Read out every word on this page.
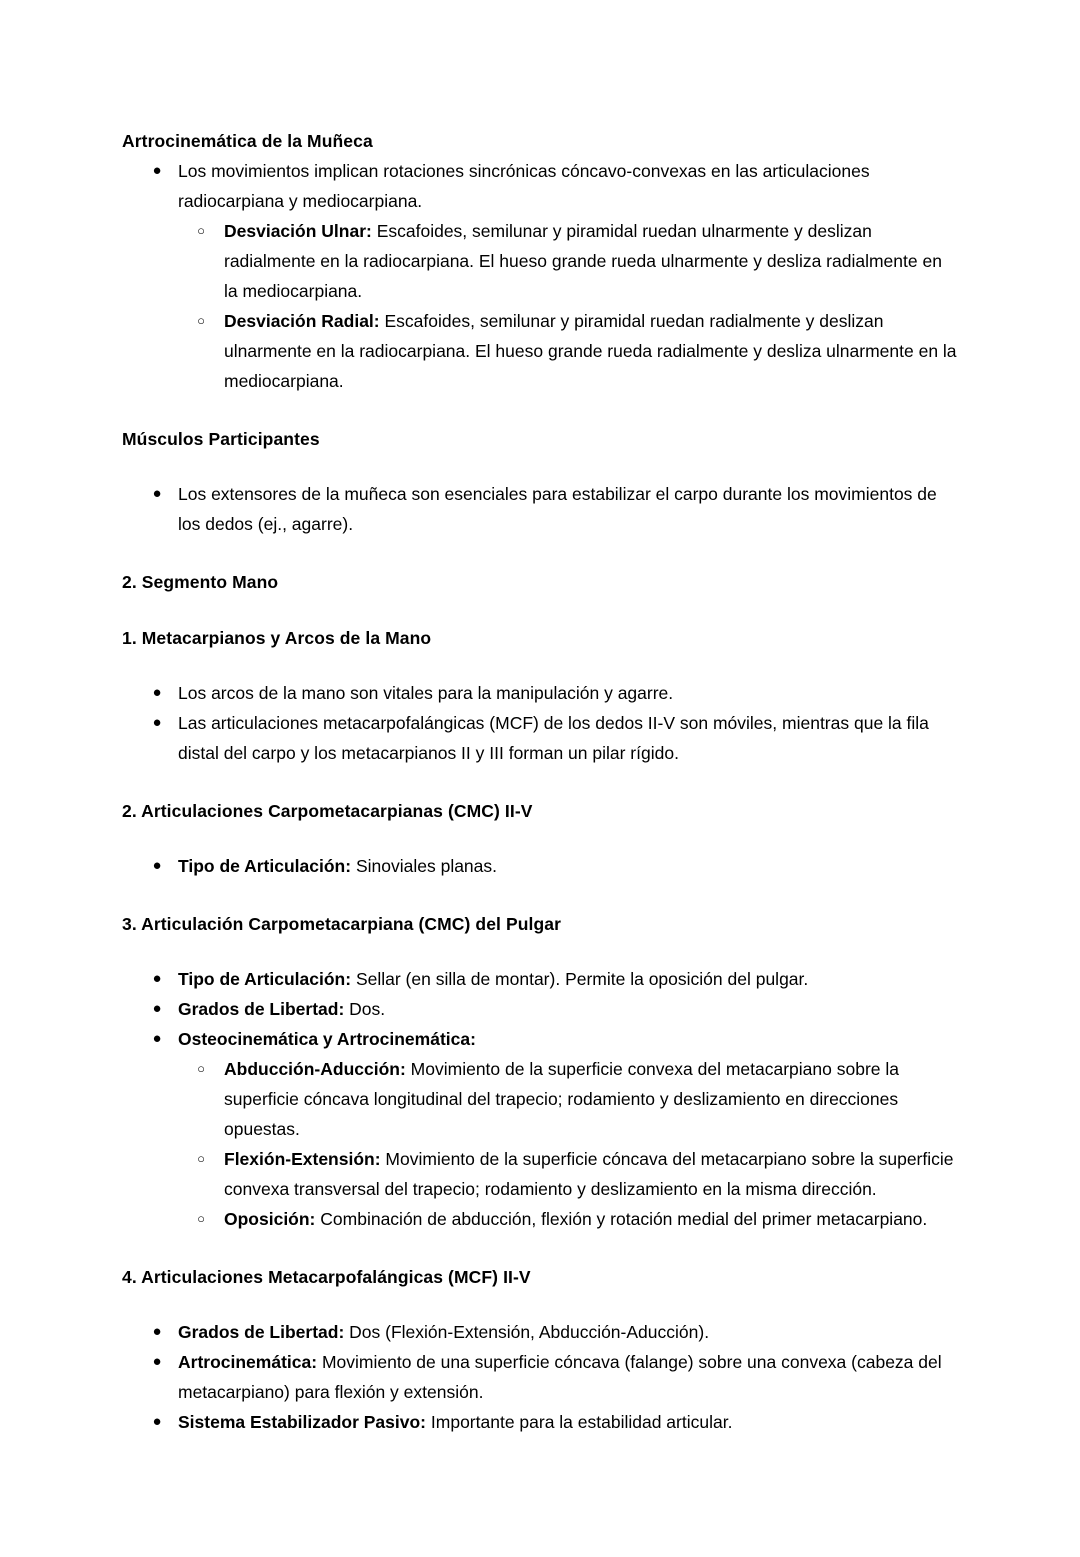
Artrocinemática de la Muñeca
● Los movimientos implican rotaciones sincrónicas cóncavo-convexas en las articulaciones radiocarpiana y mediocarpiana.
○ Desviación Ulnar: Escafoides, semilunar y piramidal ruedan ulnarmente y deslizan radialmente en la radiocarpiana. El hueso grande rueda ulnarmente y desliza radialmente en la mediocarpiana.
○ Desviación Radial: Escafoides, semilunar y piramidal ruedan radialmente y deslizan ulnarmente en la radiocarpiana. El hueso grande rueda radialmente y desliza ulnarmente en la mediocarpiana.
Músculos Participantes
● Los extensores de la muñeca son esenciales para estabilizar el carpo durante los movimientos de los dedos (ej., agarre).
2. Segmento Mano
1. Metacarpianos y Arcos de la Mano
● Los arcos de la mano son vitales para la manipulación y agarre.
● Las articulaciones metacarpofalángicas (MCF) de los dedos II-V son móviles, mientras que la fila distal del carpo y los metacarpianos II y III forman un pilar rígido.
2. Articulaciones Carpometacarpianas (CMC) II-V
● Tipo de Articulación: Sinoviales planas.
3. Articulación Carpometacarpiana (CMC) del Pulgar
● Tipo de Articulación: Sellar (en silla de montar). Permite la oposición del pulgar.
● Grados de Libertad: Dos.
● Osteocinemática y Artrocinemática:
○ Abducción-Aducción: Movimiento de la superficie convexa del metacarpiano sobre la superficie cóncava longitudinal del trapecio; rodamiento y deslizamiento en direcciones opuestas.
○ Flexión-Extensión: Movimiento de la superficie cóncava del metacarpiano sobre la superficie convexa transversal del trapecio; rodamiento y deslizamiento en la misma dirección.
○ Oposición: Combinación de abducción, flexión y rotación medial del primer metacarpiano.
4. Articulaciones Metacarpofalángicas (MCF) II-V
● Grados de Libertad: Dos (Flexión-Extensión, Abducción-Aducción).
● Artrocinemática: Movimiento de una superficie cóncava (falange) sobre una convexa (cabeza del metacarpiano) para flexión y extensión.
● Sistema Estabilizador Pasivo: Importante para la estabilidad articular.
